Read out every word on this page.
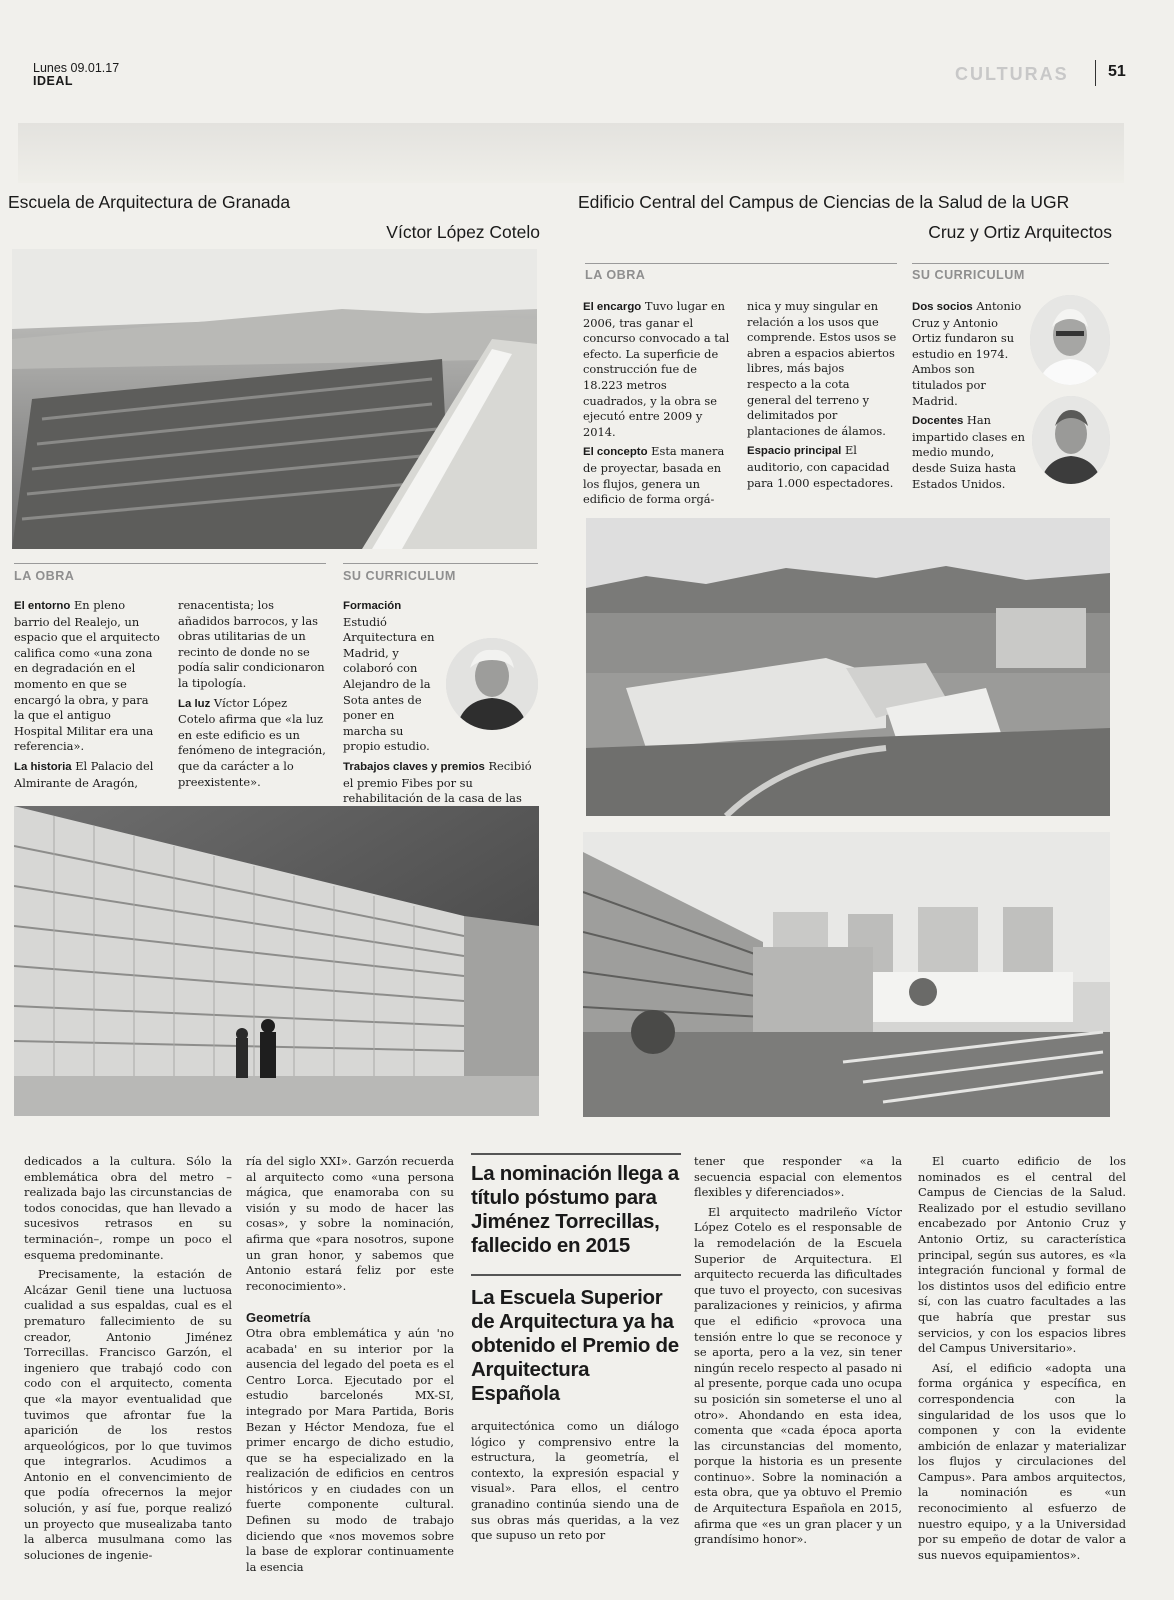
Lunes 09.01.17
IDEAL	CULTURAS 51
Escuela de Arquitectura de Granada
Víctor López Cotelo
LA OBRA	SU CURRICULUM

El entorno En pleno barrio del Realejo, un espacio que el arquitecto califica como «una zona en degradación en el momento en que se encargó la obra, y para la que el antiguo Hospital Militar era una referencia».

La historia El Palacio del Almirante de Aragón,

renacentista; los añadidos barrocos, y las obras utilitarias de un recinto de donde no se podía salir condicionaron la tipología.

La luz Víctor López Cotelo afirma que «la luz en este edificio es un fenómeno de integración, que da carácter a lo preexistente».

Formación Estudió Arquitectura en Madrid, y colaboró con Alejandro de la Sota antes de poner en marcha su propio estudio.

Trabajos claves y premios Recibió el premio Fibes por su rehabilitación de la casa de las

Edificio Central del Campus de Ciencias de la Salud de la UGR
Cruz y Ortiz Arquitectos
LA OBRA	SU CURRICULUM

El encargo Tuvo lugar en 2006, tras ganar el concurso convocado a tal efecto. La superficie de construcción fue de 18.223 metros cuadrados, y la obra se ejecutó entre 2009 y 2014.

El concepto Esta manera de proyectar, basada en los flujos, genera un edificio de forma orgá-

nica y muy singular en relación a los usos que comprende. Estos usos se abren a espacios abiertos libres, más bajos respecto a la cota general del terreno y delimitados por plantaciones de álamos.

Espacio principal El auditorio, con capacidad para 1.000 espectadores.

Dos socios Antonio Cruz y Antonio Ortiz fundaron su estudio en 1974. Ambos son titulados por Madrid.

Docentes Han impartido clases en medio mundo, desde Suiza hasta Estados Unidos.

dedicados a la cultura. Sólo la emblemática obra del metro –realizada bajo las circunstancias de todos conocidas, que han llevado a sucesivos retrasos en su terminación–, rompe un poco el esquema predominante.

Precisamente, la estación de Alcázar Genil tiene una luctuosa cualidad a sus espaldas, cual es el prematuro fallecimiento de su creador, Antonio Jiménez Torrecillas. Francisco Garzón, el ingeniero que trabajó codo con codo con el arquitecto, comenta que «la mayor eventualidad que tuvimos que afrontar fue la aparición de los restos arqueológicos, por lo que tuvimos que integrarlos. Acudimos a Antonio en el convencimiento de que podía ofrecernos la mejor solución, y así fue, porque realizó un proyecto que musealizaba tanto la alberca musulmana como las soluciones de ingenie-

ría del siglo XXI». Garzón recuerda al arquitecto como «una persona mágica, que enamoraba con su visión y su modo de hacer las cosas», y sobre la nominación, afirma que «para nosotros, supone un gran honor, y sabemos que Antonio estará feliz por este reconocimiento».

Geometría

Otra obra emblemática y aún 'no acabada' en su interior por la ausencia del legado del poeta es el Centro Lorca. Ejecutado por el estudio barcelonés MX-SI, integrado por Mara Partida, Boris Bezan y Héctor Mendoza, fue el primer encargo de dicho estudio, que se ha especializado en la realización de edificios en centros históricos y en ciudades con un fuerte componente cultural. Definen su modo de trabajo diciendo que «nos movemos sobre la base de explorar continuamente la esencia

La nominación llega a título póstumo para Jiménez Torrecillas, fallecido en 2015
La Escuela Superior de Arquitectura ya ha obtenido el Premio de Arquitectura Española

arquitectónica como un diálogo lógico y comprensivo entre la estructura, la geometría, el contexto, la expresión espacial y visual». Para ellos, el centro granadino continúa siendo una de sus obras más queridas, a la vez que supuso un reto por

tener que responder «a la secuencia espacial con elementos flexibles y diferenciados».

El arquitecto madrileño Víctor López Cotelo es el responsable de la remodelación de la Escuela Superior de Arquitectura. El arquitecto recuerda las dificultades que tuvo el proyecto, con sucesivas paralizaciones y reinicios, y afirma que el edificio «provoca una tensión entre lo que se reconoce y se aporta, pero a la vez, sin tener ningún recelo respecto al pasado ni al presente, porque cada uno ocupa su posición sin someterse el uno al otro». Ahondando en esta idea, comenta que «cada época aporta las circunstancias del momento, porque la historia es un presente continuo». Sobre la nominación a esta obra, que ya obtuvo el Premio de Arquitectura Española en 2015, afirma que «es un gran placer y un grandísimo honor».

El cuarto edificio de los nominados es el central del Campus de Ciencias de la Salud. Realizado por el estudio sevillano encabezado por Antonio Cruz y Antonio Ortiz, su característica principal, según sus autores, es «la integración funcional y formal de los distintos usos del edificio entre sí, con las cuatro facultades a las que habría que prestar sus servicios, y con los espacios libres del Campus Universitario».

Así, el edificio «adopta una forma orgánica y específica, en correspondencia con la singularidad de los usos que lo componen y con la evidente ambición de enlazar y materializar los flujos y circulaciones del Campus». Para ambos arquitectos, la nominación es «un reconocimiento al esfuerzo de nuestro equipo, y a la Universidad por su empeño de dotar de valor a sus nuevos equipamientos».
